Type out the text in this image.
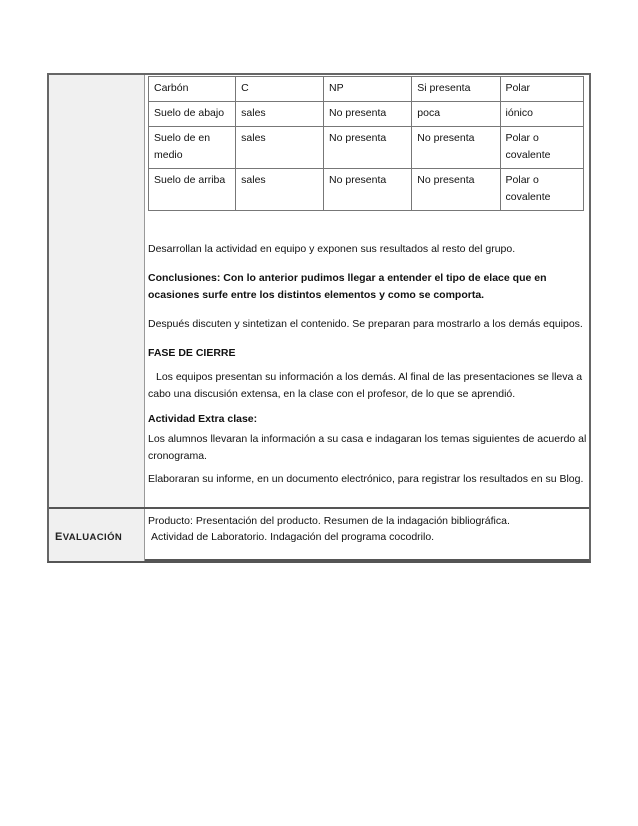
Carbón	C	NP	Si presenta	Polar
Suelo de abajo	sales	No presenta	poca	iónico
Suelo de en medio	sales	No presenta	No presenta	Polar o covalente
Suelo de arriba	sales	No presenta	No presenta	Polar o covalente
Desarrollan la actividad en equipo y exponen sus resultados al resto del grupo.
Conclusiones: Con lo anterior pudimos llegar a entender el tipo de elace que en ocasiones surfe entre los distintos elementos y como se comporta.
Después discuten y sintetizan el contenido. Se preparan para mostrarlo a los demás equipos.
FASE DE CIERRE
Los equipos presentan su información a los demás. Al final de las presentaciones se lleva a cabo una discusión extensa, en la clase con el profesor, de lo que se aprendió.
Actividad Extra clase:
Los alumnos llevaran la información a su casa e indagaran los temas siguientes de acuerdo al cronograma.
Elaboraran su informe, en un documento electrónico, para registrar los resultados en su Blog.
EVALUACIÓN
Producto: Presentación del producto. Resumen de la indagación bibliográfica.
Actividad de Laboratorio. Indagación del programa cocodrilo.
